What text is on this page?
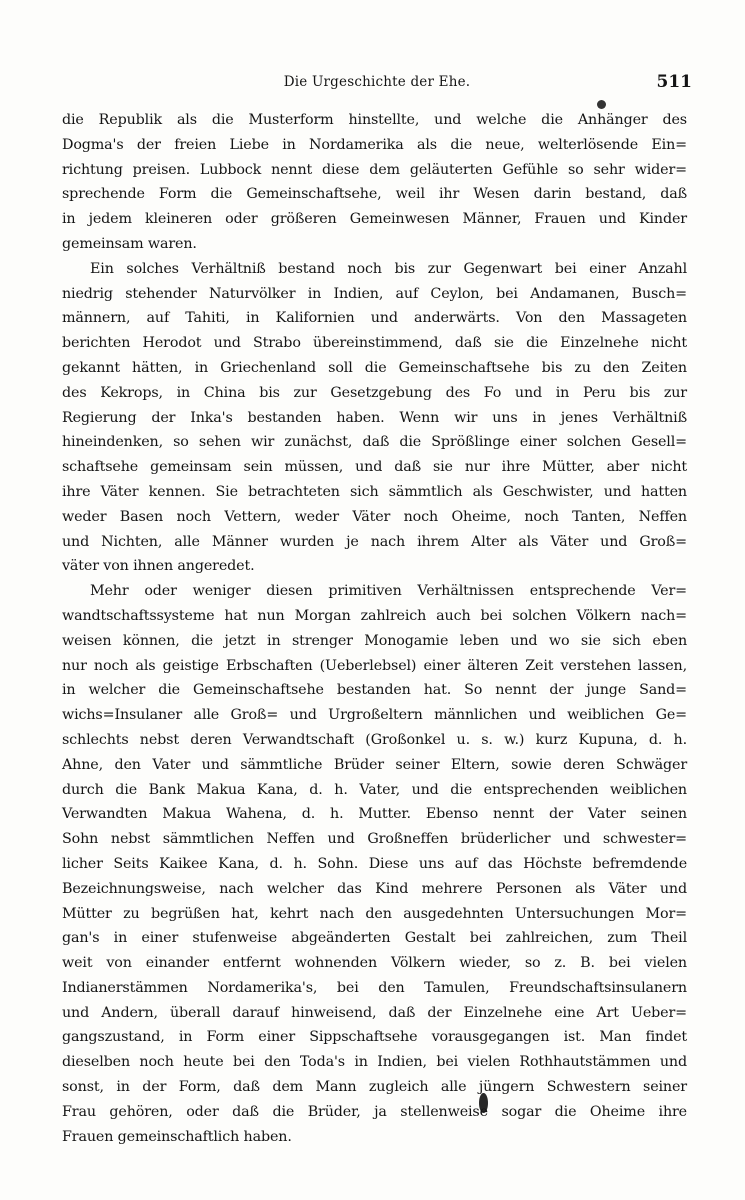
Die Urgeschichte der Ehe.	511
die Republik als die Musterform hinstellte, und welche die Anhänger des
Dogma's der freien Liebe in Nordamerika als die neue, welterlösende Ein=
richtung preisen. Lubbock nennt diese dem geläuterten Gefühle so sehr wider=
sprechende Form die Gemeinschaftsehe, weil ihr Wesen darin bestand, daß
in jedem kleineren oder größeren Gemeinwesen Männer, Frauen und Kinder
gemeinsam waren.
Ein solches Verhältniß bestand noch bis zur Gegenwart bei einer Anzahl
niedrig stehender Naturvölker in Indien, auf Ceylon, bei Andamanen, Busch=
männern, auf Tahiti, in Kalifornien und anderwärts. Von den Massageten
berichten Herodot und Strabo übereinstimmend, daß sie die Einzelnehe nicht
gekannt hätten, in Griechenland soll die Gemeinschaftsehe bis zu den Zeiten
des Kekrops, in China bis zur Gesetzgebung des Fo und in Peru bis zur
Regierung der Inka's bestanden haben. Wenn wir uns in jenes Verhältniß
hineindenken, so sehen wir zunächst, daß die Sprößlinge einer solchen Gesell=
schaftsehe gemeinsam sein müssen, und daß sie nur ihre Mütter, aber nicht
ihre Väter kennen. Sie betrachteten sich sämmtlich als Geschwister, und hatten
weder Basen noch Vettern, weder Väter noch Oheime, noch Tanten, Neffen
und Nichten, alle Männer wurden je nach ihrem Alter als Väter und Groß=
väter von ihnen angeredet.
Mehr oder weniger diesen primitiven Verhältnissen entsprechende Ver=
wandtschaftssysteme hat nun Morgan zahlreich auch bei solchen Völkern nach=
weisen können, die jetzt in strenger Monogamie leben und wo sie sich eben
nur noch als geistige Erbschaften (Ueberlebsel) einer älteren Zeit verstehen lassen,
in welcher die Gemeinschaftsehe bestanden hat. So nennt der junge Sand=
wichs=Insulaner alle Groß= und Urgroßeltern männlichen und weiblichen Ge=
schlechts nebst deren Verwandtschaft (Großonkel u. s. w.) kurz Kupuna, d. h.
Ahne, den Vater und sämmtliche Brüder seiner Eltern, sowie deren Schwäger
durch die Bank Makua Kana, d. h. Vater, und die entsprechenden weiblichen
Verwandten Makua Wahena, d. h. Mutter. Ebenso nennt der Vater seinen
Sohn nebst sämmtlichen Neffen und Großneffen brüderlicher und schwester=
licher Seits Kaikee Kana, d. h. Sohn. Diese uns auf das Höchste befremdende
Bezeichnungsweise, nach welcher das Kind mehrere Personen als Väter und
Mütter zu begrüßen hat, kehrt nach den ausgedehnten Untersuchungen Mor=
gan's in einer stufenweise abgeänderten Gestalt bei zahlreichen, zum Theil
weit von einander entfernt wohnenden Völkern wieder, so z. B. bei vielen
Indianerstämmen Nordamerika's, bei den Tamulen, Freundschaftsinsulanern
und Andern, überall darauf hinweisend, daß der Einzelnehe eine Art Ueber=
gangszustand, in Form einer Sippschaftsehe vorausgegangen ist. Man findet
dieselben noch heute bei den Toda's in Indien, bei vielen Rothhautstämmen und
sonst, in der Form, daß dem Mann zugleich alle jüngern Schwestern seiner
Frau gehören, oder daß die Brüder, ja stellenweise sogar die Oheime ihre
Frauen gemeinschaftlich haben.
